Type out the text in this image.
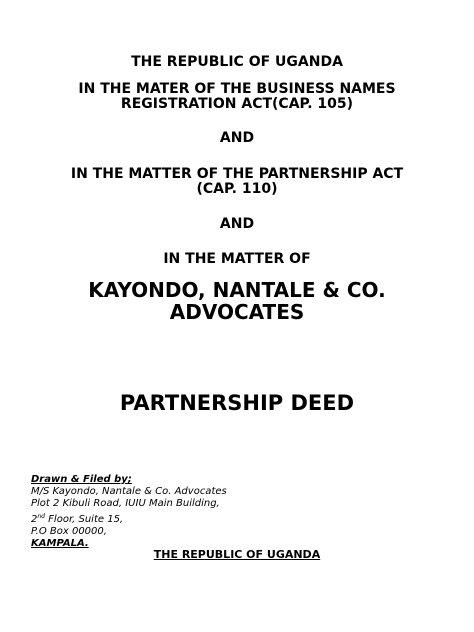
THE REPUBLIC OF UGANDA
IN THE MATER OF THE BUSINESS NAMES
REGISTRATION ACT(CAP. 105)
AND
IN THE MATTER OF THE PARTNERSHIP ACT
(CAP. 110)
AND
IN THE MATTER OF
KAYONDO, NANTALE & CO.
ADVOCATES
PARTNERSHIP DEED
Drawn & Filed by;
M/S Kayondo, Nantale & Co. Advocates
Plot 2 Kibuli Road, IUIU Main Building,
2nd Floor, Suite 15,
P.O Box 00000,
KAMPALA.
THE REPUBLIC OF UGANDA
